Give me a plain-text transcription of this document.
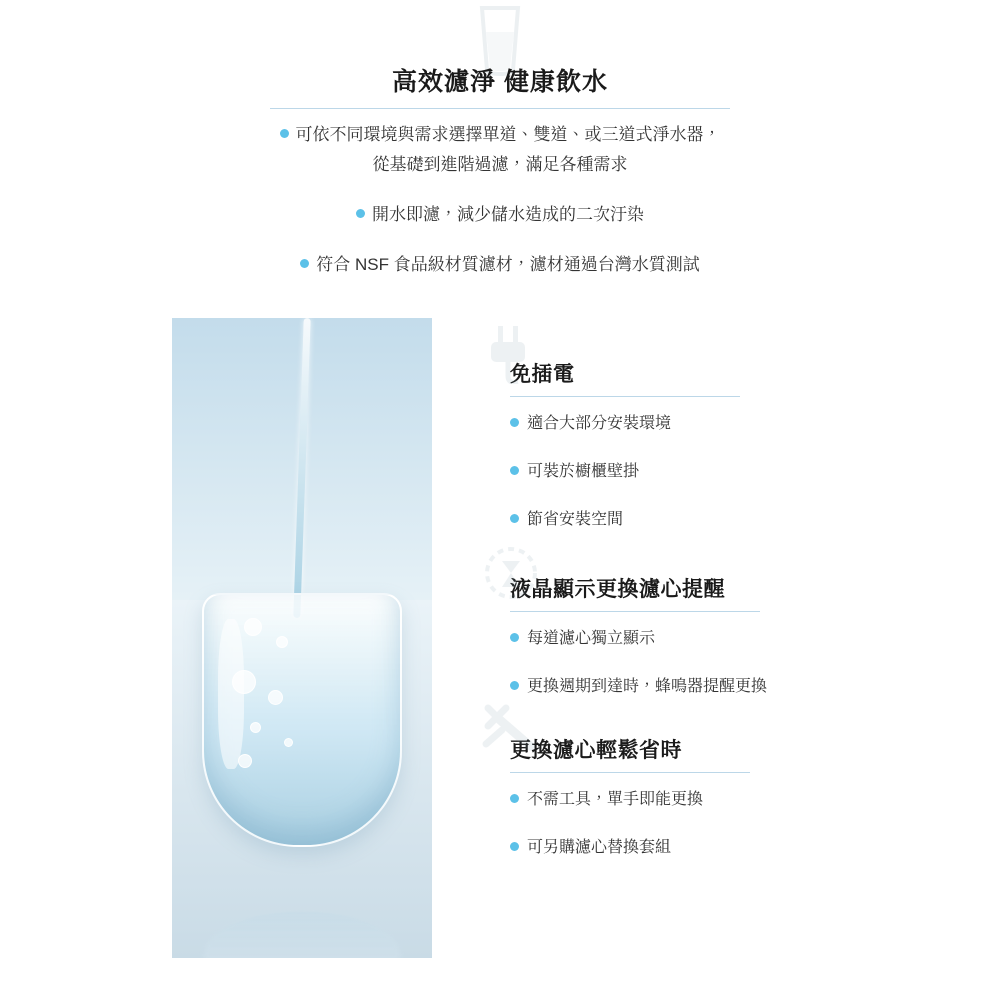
高效濾淨 健康飲水
可依不同環境與需求選擇單道、雙道、或三道式淨水器，
從基礎到進階過濾，滿足各種需求
開水即濾，減少儲水造成的二次汙染
符合 NSF 食品級材質濾材，濾材通過台灣水質測試
免插電
適合大部分安裝環境
可裝於櫥櫃壁掛
節省安裝空間
液晶顯示更換濾心提醒
每道濾心獨立顯示
更換週期到達時，蜂鳴器提醒更換
更換濾心輕鬆省時
不需工具，單手即能更換
可另購濾心替換套組
